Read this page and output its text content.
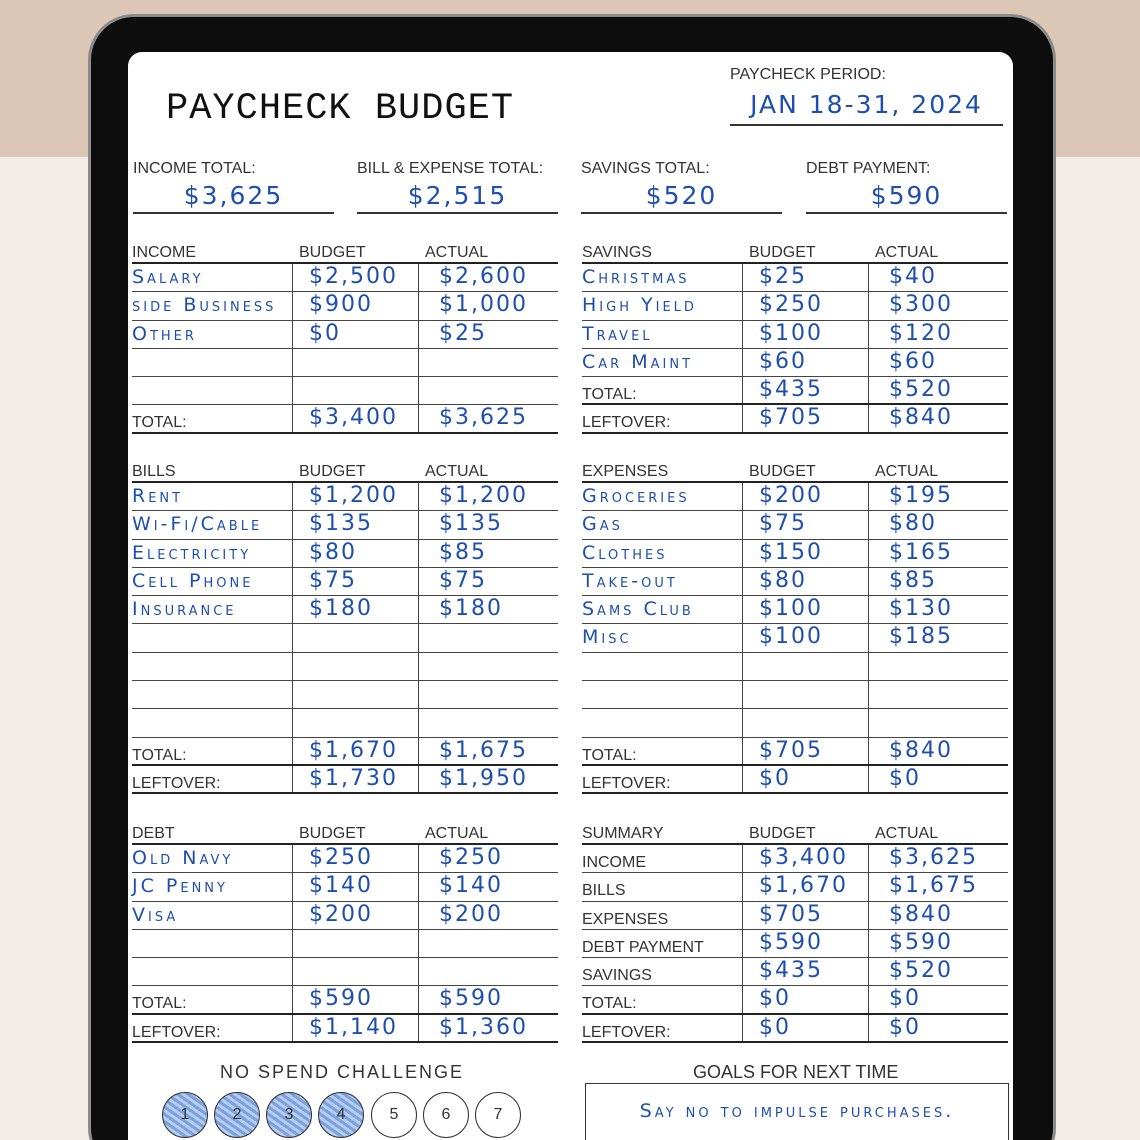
PAYCHECK BUDGET
PAYCHECK PERIOD:
JAN 18-31, 2024
INCOME TOTAL:
$3,625
BILL & EXPENSE TOTAL:
$2,515
SAVINGS TOTAL:
$520
DEBT PAYMENT:
$590
INCOME	BUDGET	ACTUAL
Salary	$2,500	$2,600
side Business	$900	$1,000
Other	$0	$25
TOTAL:	$3,400	$3,625
SAVINGS	BUDGET	ACTUAL
Christmas	$25	$40
High Yield	$250	$300
Travel	$100	$120
Car Maint	$60	$60
TOTAL:	$435	$520
LEFTOVER:	$705	$840
BILLS	BUDGET	ACTUAL
Rent	$1,200	$1,200
Wi-Fi/Cable	$135	$135
Electricity	$80	$85
Cell Phone	$75	$75
Insurance	$180	$180
TOTAL:	$1,670	$1,675
LEFTOVER:	$1,730	$1,950
EXPENSES	BUDGET	ACTUAL
Groceries	$200	$195
Gas	$75	$80
Clothes	$150	$165
Take-out	$80	$85
Sams Club	$100	$130
Misc	$100	$185
TOTAL:	$705	$840
LEFTOVER:	$0	$0
DEBT	BUDGET	ACTUAL
Old Navy	$250	$250
JC Penny	$140	$140
Visa	$200	$200
TOTAL:	$590	$590
LEFTOVER:	$1,140	$1,360
SUMMARY	BUDGET	ACTUAL
INCOME	$3,400	$3,625
BILLS	$1,670	$1,675
EXPENSES	$705	$840
DEBT PAYMENT	$590	$590
SAVINGS	$435	$520
TOTAL:	$0	$0
LEFTOVER:	$0	$0
NO SPEND CHALLENGE
1	2	3	4	5	6	7
GOALS FOR NEXT TIME
Say no to impulse purchases.
